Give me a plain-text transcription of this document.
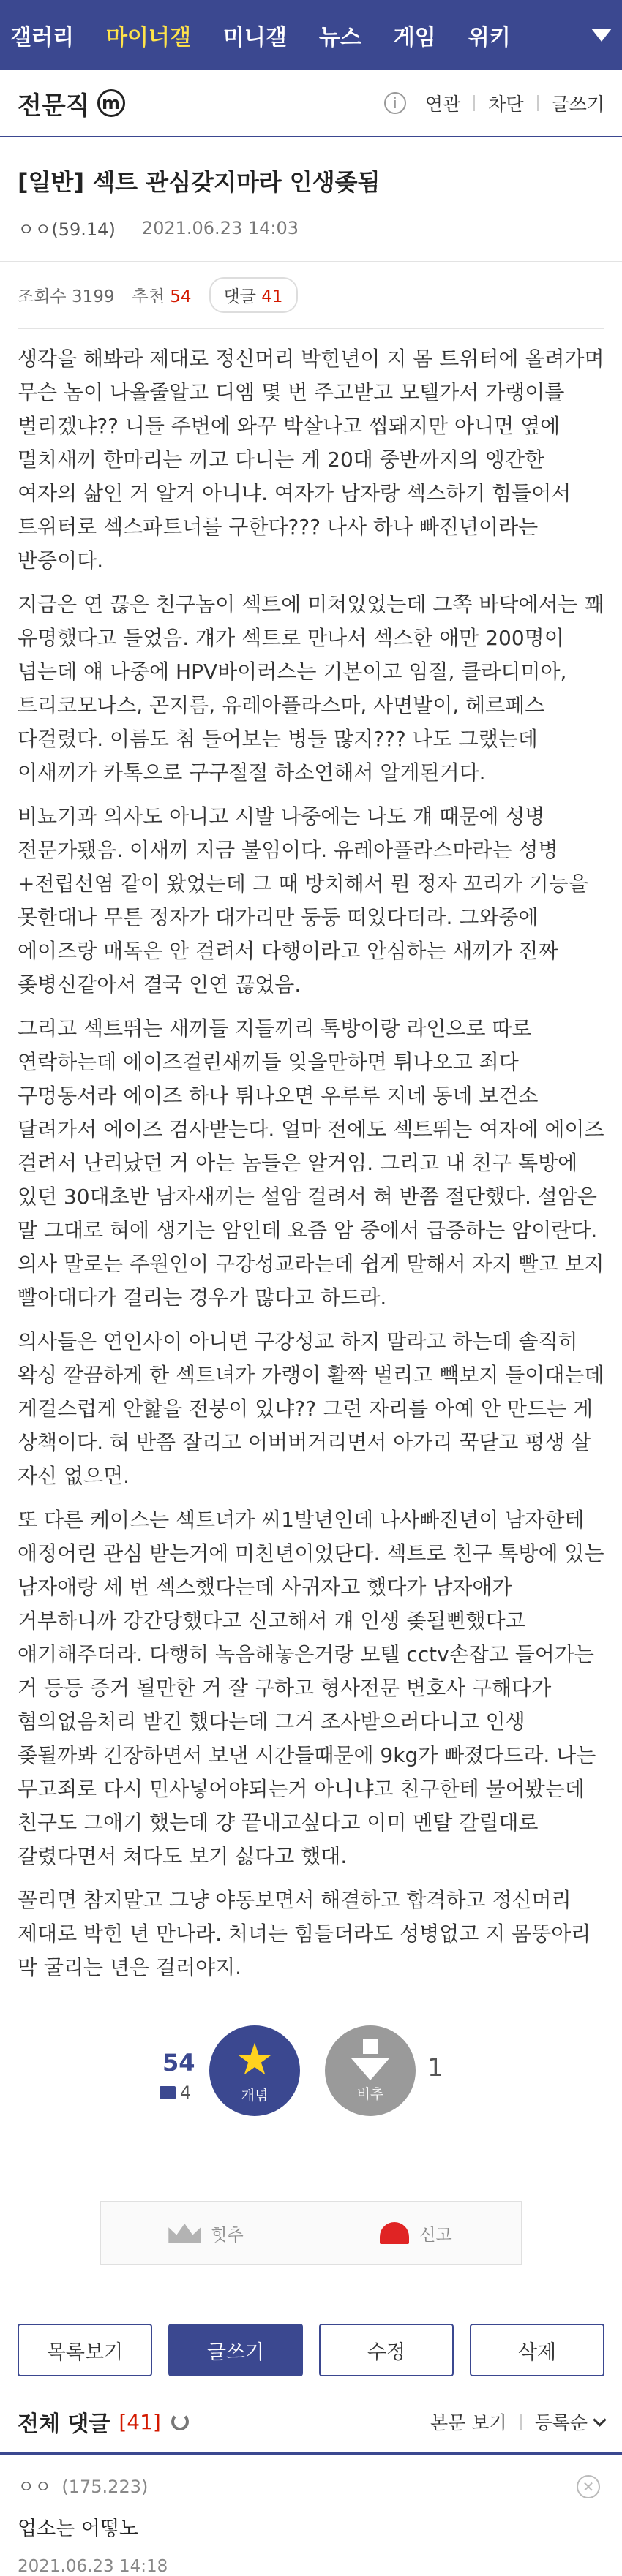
갤러리 마이너갤 미니갤 뉴스 게임 위키
전문직 m	i	연관 차단 글쓰기
[일반] 섹트 관심갖지마라 인생좆됨
ㅇㅇ(59.14) 2021.06.23 14:03
조회수 3199 추천 54	댓글 41

생각을 해봐라 제대로 정신머리 박힌년이 지 몸 트위터에 올려가며 무슨 놈이 나올줄알고 디엠 몇 번 주고받고 모텔가서 가랭이를 벌리겠냐?? 니들 주변에 와꾸 박살나고 씹돼지만 아니면 옆에 멸치새끼 한마리는 끼고 다니는 게 20대 중반까지의 엥간한 여자의 삶인 거 알거 아니냐. 여자가 남자랑 섹스하기 힘들어서 트위터로 섹스파트너를 구한다??? 나사 하나 빠진년이라는 반증이다.

지금은 연 끊은 친구놈이 섹트에 미쳐있었는데 그쪽 바닥에서는 꽤 유명했다고 들었음. 걔가 섹트로 만나서 섹스한 애만 200명이 넘는데 얘 나중에 HPV바이러스는 기본이고 임질, 클라디미아, 트리코모나스, 곤지름, 유레아플라스마, 사면발이, 헤르페스 다걸렸다. 이름도 첨 들어보는 병들 많지??? 나도 그랬는데 이새끼가 카톡으로 구구절절 하소연해서 알게된거다.

비뇨기과 의사도 아니고 시발 나중에는 나도 걔 때문에 성병 전문가됐음. 이새끼 지금 불임이다. 유레아플라스마라는 성병+전립선염 같이 왔었는데 그 때 방치해서 뭔 정자 꼬리가 기능을 못한대나 무튼 정자가 대가리만 둥둥 떠있다더라. 그와중에 에이즈랑 매독은 안 걸려서 다행이라고 안심하는 새끼가 진짜 좆병신같아서 결국 인연 끊었음.

그리고 섹트뛰는 새끼들 지들끼리 톡방이랑 라인으로 따로 연락하는데 에이즈걸린새끼들 잊을만하면 튀나오고 죄다 구멍동서라 에이즈 하나 튀나오면 우루루 지네 동네 보건소 달려가서 에이즈 검사받는다. 얼마 전에도 섹트뛰는 여자에 에이즈 걸려서 난리났던 거 아는 놈들은 알거임. 그리고 내 친구 톡방에 있던 30대초반 남자새끼는 설암 걸려서 혀 반쯤 절단했다. 설암은 말 그대로 혀에 생기는 암인데 요즘 암 중에서 급증하는 암이란다. 의사 말로는 주원인이 구강성교라는데 쉽게 말해서 자지 빨고 보지 빨아대다가 걸리는 경우가 많다고 하드라.

의사들은 연인사이 아니면 구강성교 하지 말라고 하는데 솔직히 왁싱 깔끔하게 한 섹트녀가 가랭이 활짝 벌리고 빽보지 들이대는데 게걸스럽게 안핥을 전붕이 있냐?? 그런 자리를 아예 안 만드는 게 상책이다. 혀 반쯤 잘리고 어버버거리면서 아가리 꾹닫고 평생 살 자신 없으면.

또 다른 케이스는 섹트녀가 씨1발년인데 나사빠진년이 남자한테 애정어린 관심 받는거에 미친년이었단다. 섹트로 친구 톡방에 있는 남자애랑 세 번 섹스했다는데 사귀자고 했다가 남자애가 거부하니까 강간당했다고 신고해서 걔 인생 좆될뻔했다고 얘기해주더라. 다행히 녹음해놓은거랑 모텔 cctv손잡고 들어가는 거 등등 증거 될만한 거 잘 구하고 형사전문 변호사 구해다가 혐의없음처리 받긴 했다는데 그거 조사받으러다니고 인생 좆될까봐 긴장하면서 보낸 시간들때문에 9kg가 빠졌다드라. 나는 무고죄로 다시 민사넣어야되는거 아니냐고 친구한테 물어봤는데 친구도 그애기 했는데 걍 끝내고싶다고 이미 멘탈 갈릴대로 갈렸다면서 쳐다도 보기 싫다고 했대.

꼴리면 참지말고 그냥 야동보면서 해결하고 합격하고 정신머리 제대로 박힌 년 만나라. 처녀는 힘들더라도 성병없고 지 몸뚱아리 막 굴리는 년은 걸러야지.

54
4
★
개념	비추
1
힛추	신고
목록보기	글쓰기	수정	삭제
전체 댓글 [41]	본문 보기 등록순
ㅇㅇ (175.223)
업소는 어떻노
2021.06.23 14:18
✕
